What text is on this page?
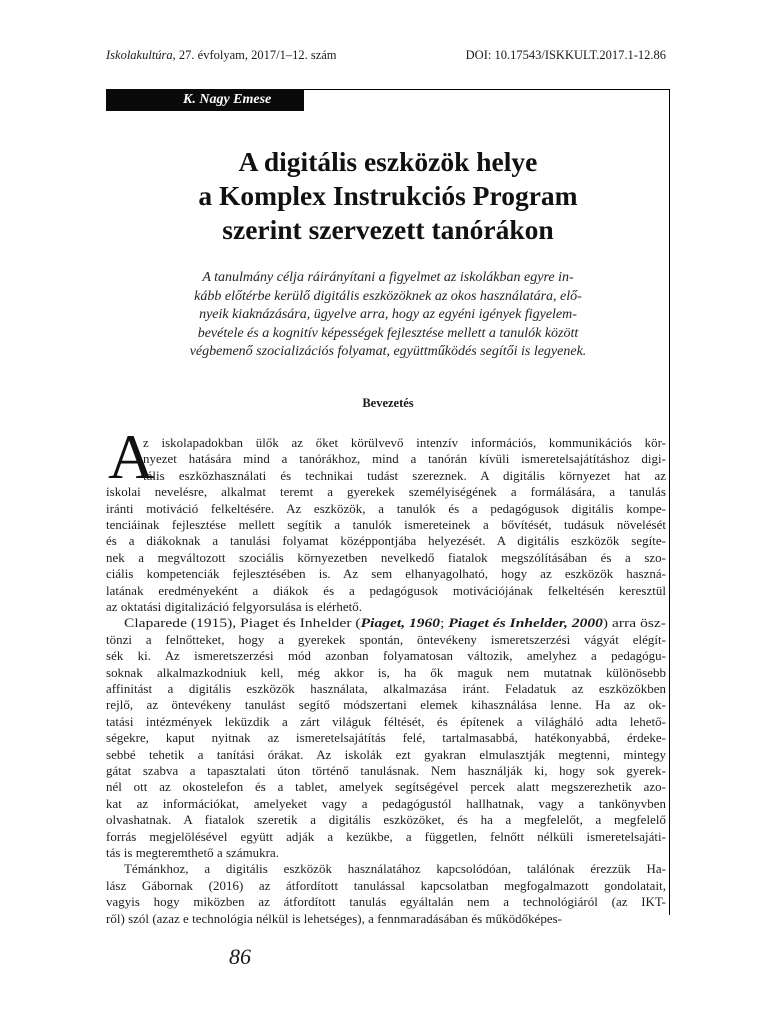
Iskolakultúra, 27. évfolyam, 2017/1–12. szám	DOI: 10.17543/ISKKULT.2017.1-12.86
K. Nagy Emese
A digitális eszközök helye
a Komplex Instrukciós Program
szerint szervezett tanórákon
A tanulmány célja ráirányítani a figyelmet az iskolákban egyre in-
kább előtérbe kerülő digitális eszközöknek az okos használatára, elő-
nyeik kiaknázására, ügyelve arra, hogy az egyéni igények figyelem-
bevétele és a kognitív képességek fejlesztése mellett a tanulók között
végbemenő szocializációs folyamat, együttműködés segítői is legyenek.
Bevezetés
A
z iskolapadokban ülők az őket körülvevő intenzív információs, kommunikációs kör-
nyezet hatására mind a tanórákhoz, mind a tanórán kívüli ismeretelsajátításhoz digi-
tális eszközhasználati és technikai tudást szereznek. A digitális környezet hat az
iskolai nevelésre, alkalmat teremt a gyerekek személyiségének a formálására, a tanulás
iránti motiváció felkeltésére. Az eszközök, a tanulók és a pedagógusok digitális kompe-
tenciáinak fejlesztése mellett segítik a tanulók ismereteinek a bővítését, tudásuk növelését
és a diákoknak a tanulási folyamat középpontjába helyezését. A digitális eszközök segíte-
nek a megváltozott szociális környezetben nevelkedő fiatalok megszólításában és a szo-
ciális kompetenciák fejlesztésében is. Az sem elhanyagolható, hogy az eszközök haszná-
latának eredményeként a diákok és a pedagógusok motivációjának felkeltésén keresztül
az oktatási digitalizáció felgyorsulása is elérhető.
Claparede (1915), Piaget és Inhelder (Piaget, 1960; Piaget és Inhelder, 2000) arra ösz-
tönzi a felnőtteket, hogy a gyerekek spontán, öntevékeny ismeretszerzési vágyát elégít-
sék ki. Az ismeretszerzési mód azonban folyamatosan változik, amelyhez a pedagógu-
soknak alkalmazkodniuk kell, még akkor is, ha ők maguk nem mutatnak különösebb
affinitást a digitális eszközök használata, alkalmazása iránt. Feladatuk az eszközökben
rejlő, az öntevékeny tanulást segítő módszertani elemek kihasználása lenne. Ha az ok-
tatási intézmények leküzdik a zárt világuk féltését, és építenek a világháló adta lehető-
ségekre, kaput nyitnak az ismeretelsajátítás felé, tartalmasabbá, hatékonyabbá, érdeke-
sebbé tehetik a tanítási órákat. Az iskolák ezt gyakran elmulasztják megtenni, mintegy
gátat szabva a tapasztalati úton történő tanulásnak. Nem használják ki, hogy sok gyerek-
nél ott az okostelefon és a tablet, amelyek segítségével percek alatt megszerezhetik azo-
kat az információkat, amelyeket vagy a pedagógustól hallhatnak, vagy a tankönyvben
olvashatnak. A fiatalok szeretik a digitális eszközöket, és ha a megfelelőt, a megfelelő
forrás megjelölésével együtt adják a kezükbe, a független, felnőtt nélküli ismeretelsajáti-
tás is megteremthető a számukra.
Témánkhoz, a digitális eszközök használatához kapcsolódóan, találónak érezzük Ha-
lász Gábornak (2016) az átfordított tanulással kapcsolatban megfogalmazott gondolatait,
vagyis hogy miközben az átfordított tanulás egyáltalán nem a technológiáról (az IKT-
ről) szól (azaz e technológia nélkül is lehetséges), a fennmaradásában és működőképes-
86
